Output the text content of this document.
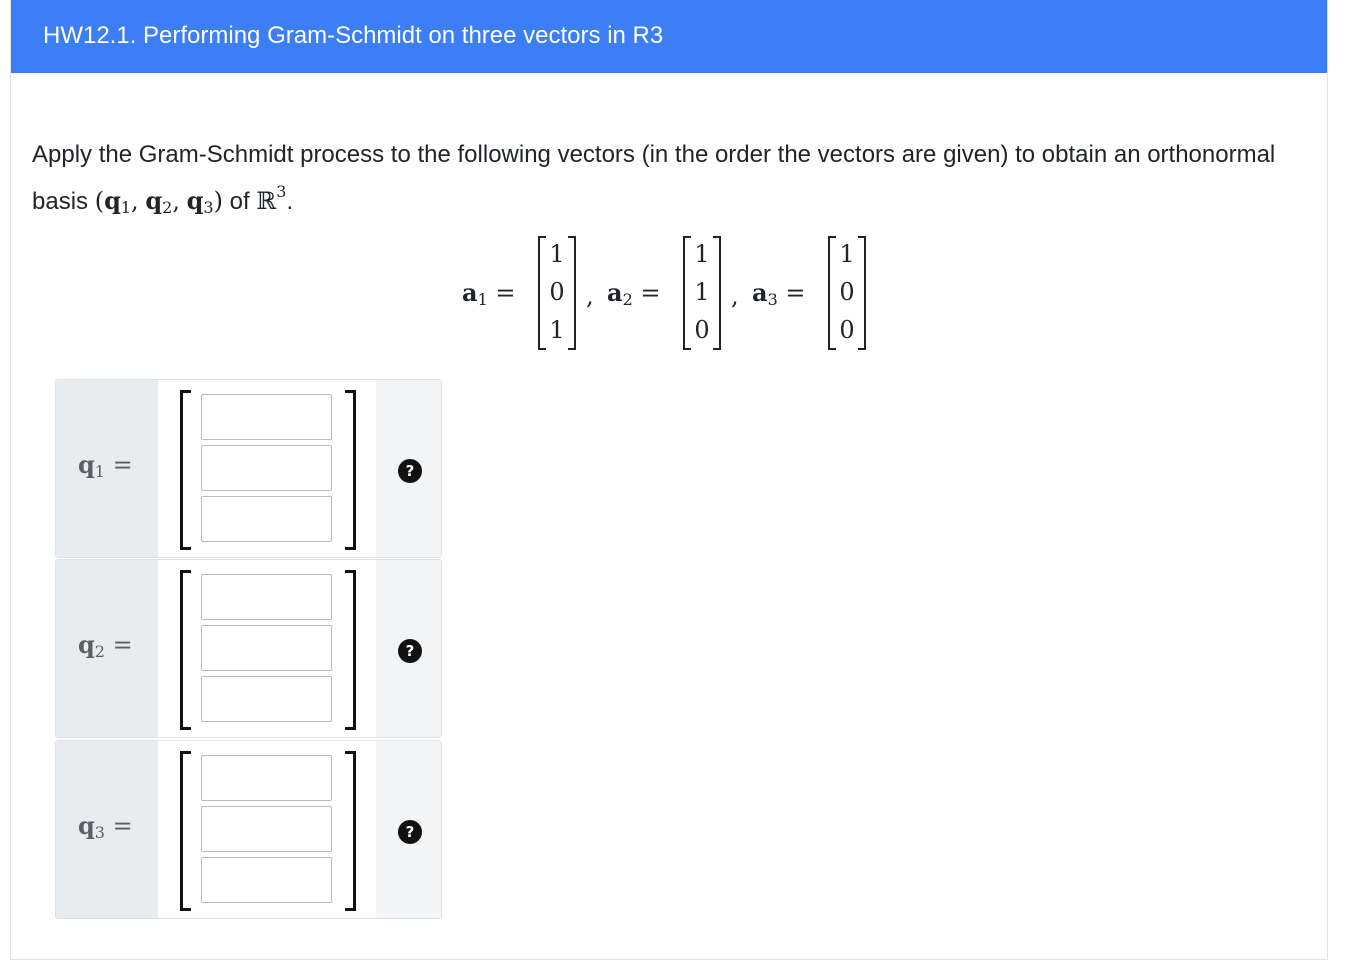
HW12.1. Performing Gram-Schmidt on three vectors in R3
Apply the Gram-Schmidt process to the following vectors (in the order the vectors are given) to obtain an orthonormal basis ($q_1$, $q_2$, $q_3$) of ℝ$^3$.
$a_1$ =
1
0
1
, $a_2$ =
1
1
0
, $a_3$ =
1
0
0
$q_1$ =	?
$q_2$ =	?
$q_3$ =	?
